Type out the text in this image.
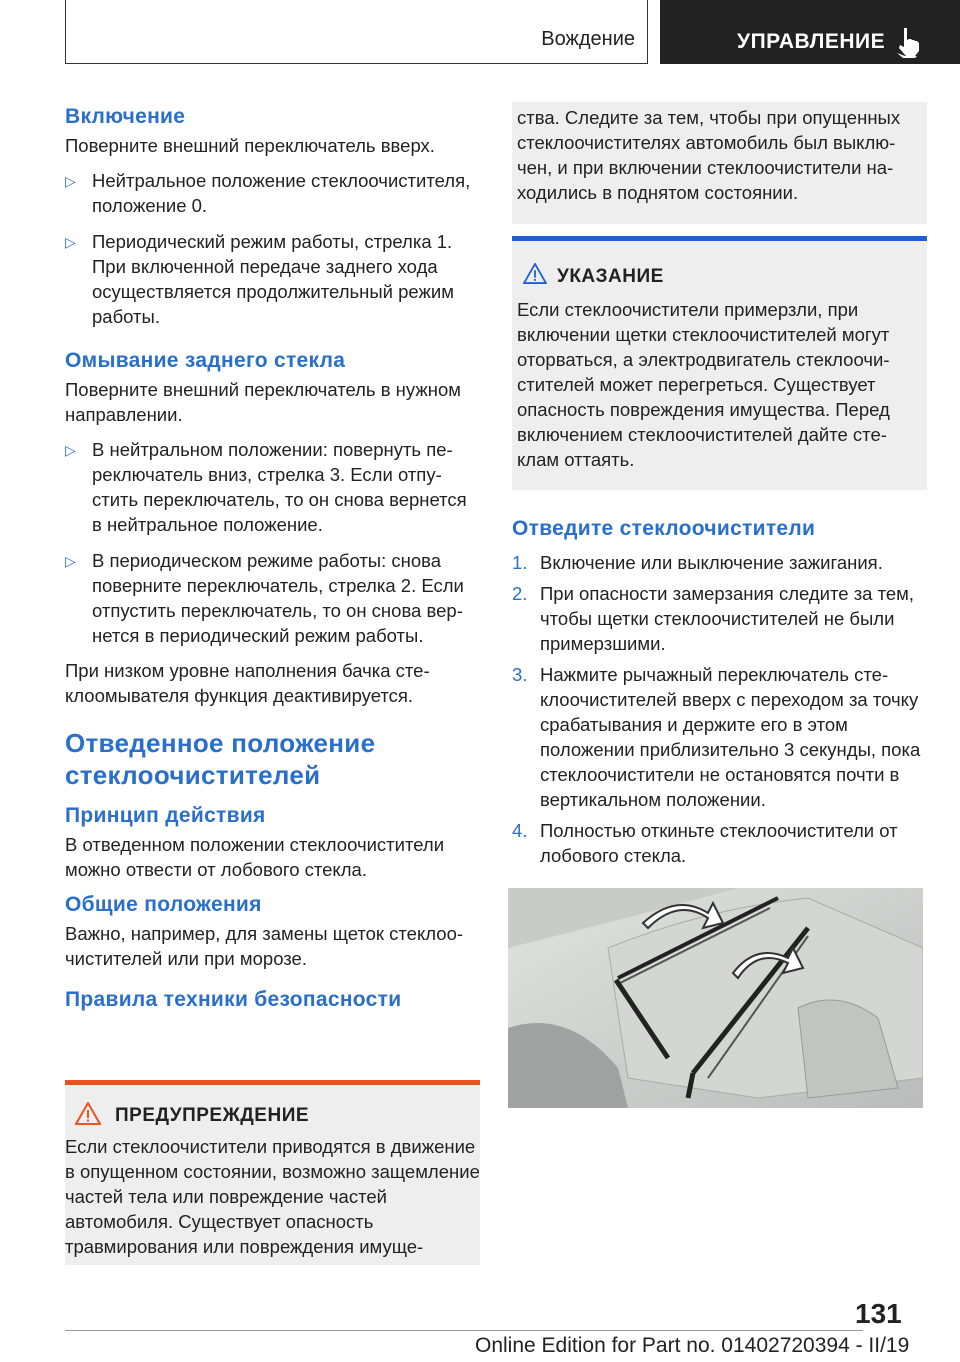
Вождение	УПРАВЛЕНИЕ
Включение

Поверните внешний переключатель вверх.

▷ Нейтральное положение стеклоочистителя, положение 0.
▷ Периодический режим работы, стрелка 1. При включенной передаче заднего хода осуществляется продолжительный режим работы.
Омывание заднего стекла

Поверните внешний переключатель в нужном направлении.

▷ В нейтральном положении: повернуть переключатель вниз, стрелка 3. Если отпустить переключатель, то он снова вернется в нейтральное положение.
▷ В периодическом режиме работы: снова поверните переключатель, стрелка 2. Если отпустить переключатель, то он снова вернется в периодический режим работы.

При низком уровне наполнения бачка стеклоомывателя функция деактивируется.

Отведенное положение стеклоочистителей
Принцип действия

В отведенном положении стеклоочистители можно отвести от лобового стекла.

Общие положения

Важно, например, для замены щеток стеклоочистителей или при морозе.

Правила техники безопасности
ПРЕДУПРЕЖДЕНИЕ

Если стеклоочистители приводятся в движение в опущенном состоянии, возможно защемление частей тела или повреждение частей автомобиля. Существует опасность травмирования или повреждения имуще-

ства. Следите за тем, чтобы при опущенных стеклоочистителях автомобиль был выключен, и при включении стеклоочистители находились в поднятом состоянии.

УКАЗАНИЕ

Если стеклоочистители примерзли, при включении щетки стеклоочистителей могут оторваться, а электродвигатель стеклоочистителей может перегреться. Существует опасность повреждения имущества. Перед включением стеклоочистителей дайте стеклам оттаять.

Отведите стеклоочистители
1. Включение или выключение зажигания.
2. При опасности замерзания следите за тем, чтобы щетки стеклоочистителей не были примерзшими.
3. Нажмите рычажный переключатель стеклоочистителей вверх с переходом за точку срабатывания и держите его в этом положении приблизительно 3 секунды, пока стеклоочистители не остановятся почти в вертикальном положении.
4. Полностью откиньте стеклоочистители от лобового стекла.
131
Online Edition for Part no. 01402720394 - II/19
